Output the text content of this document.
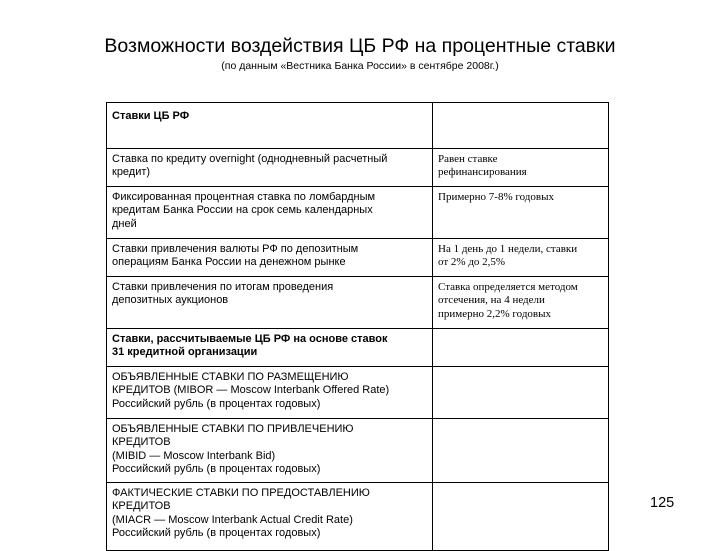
Возможности воздействия ЦБ РФ на процентные ставки
(по данным «Вестника Банка России» в сентябре 2008г.)
Ставки ЦБ РФ	

Ставка по кредиту overnight (однодневный расчетный
кредит)	Равен ставке
рефинансирования

Фиксированная процентная ставка по ломбардным
кредитам Банка России на срок семь календарных
дней	Примерно 7-8% годовых

Ставки привлечения валюты РФ по депозитным
операциям Банка России на денежном рынке	На 1 день до 1 недели, ставки
от 2% до 2,5%

Ставки привлечения по итогам проведения
депозитных аукционов	Ставка определяется методом
отсечения, на 4 недели
примерно 2,2% годовых

Ставки, рассчитываемые ЦБ РФ на основе ставок
31 кредитной организации	

ОБЪЯВЛЕННЫЕ СТАВКИ ПО РАЗМЕЩЕНИЮ
КРЕДИТОВ (MIBOR — Moscow Interbank Offered Rate)
Российский рубль (в процентах годовых)	

ОБЪЯВЛЕННЫЕ СТАВКИ ПО ПРИВЛЕЧЕНИЮ
КРЕДИТОВ
(MIBID — Moscow Interbank Bid)
Российский рубль (в процентах годовых)	

ФАКТИЧЕСКИЕ СТАВКИ ПО ПРЕДОСТАВЛЕНИЮ
КРЕДИТОВ
(MIACR — Moscow Interbank Actual Credit Rate)
Российский рубль (в процентах годовых)	

125
